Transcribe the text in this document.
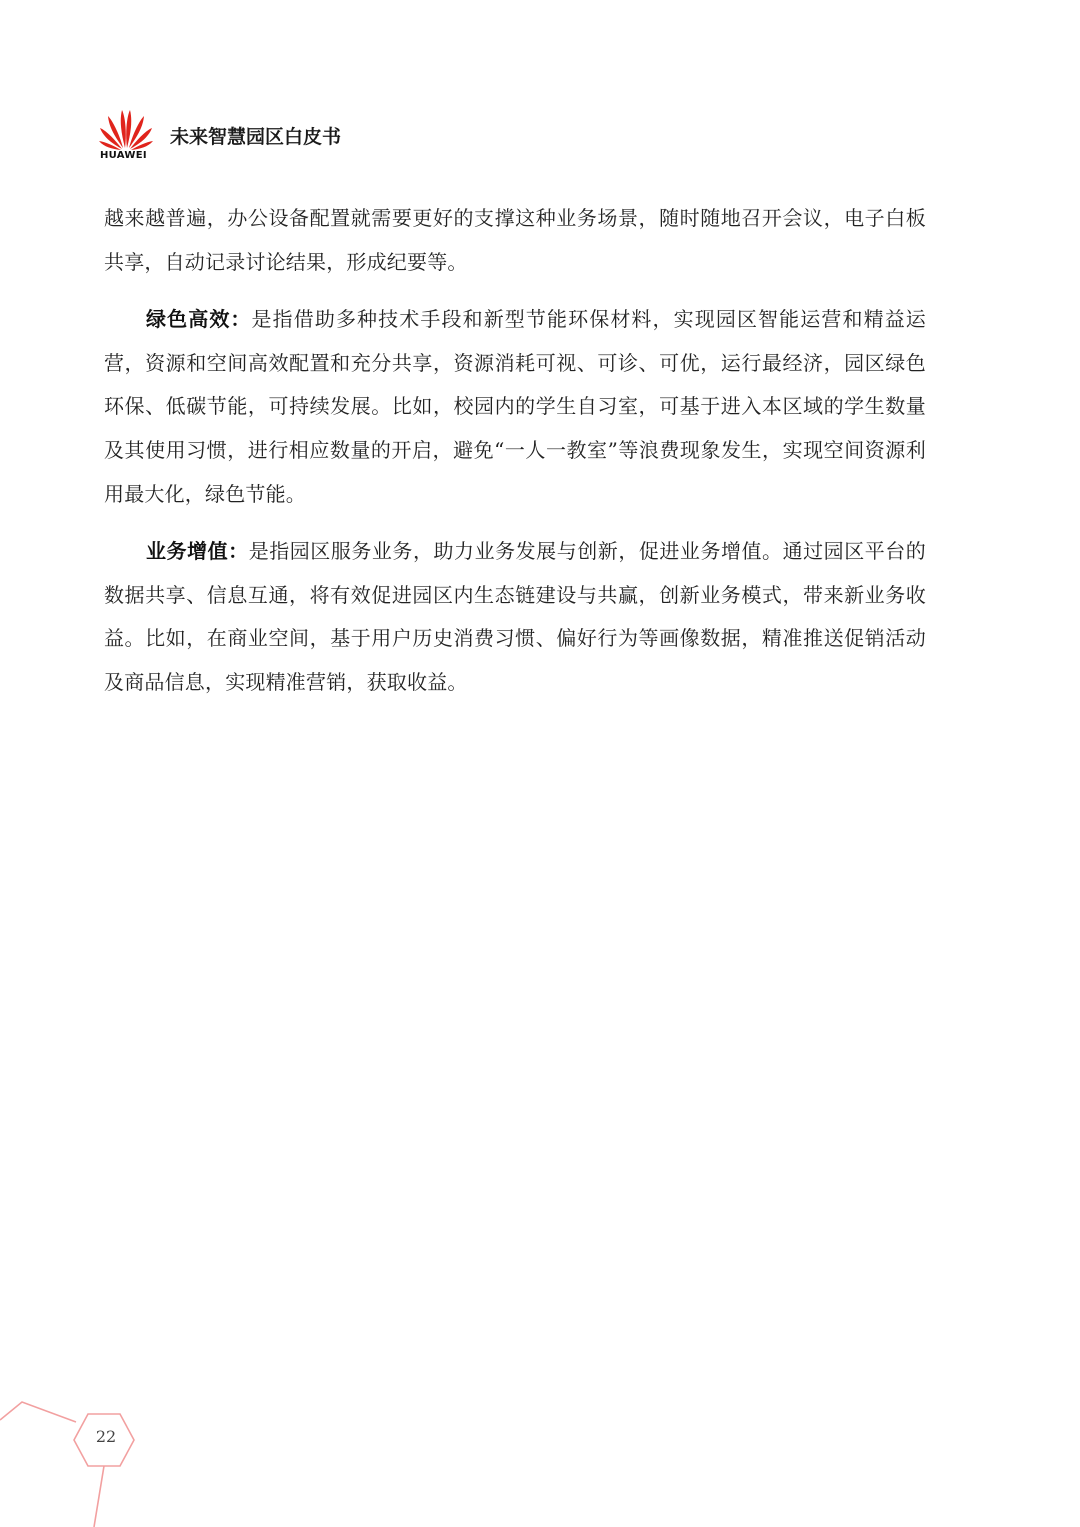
HUAWEI
未来智慧园区白皮书

越来越普遍，办公设备配置就需要更好的支撑这种业务场景，随时随地召开会议，电子白板共享，自动记录讨论结果，形成纪要等。

绿色高效：是指借助多种技术手段和新型节能环保材料，实现园区智能运营和精益运营，资源和空间高效配置和充分共享，资源消耗可视、可诊、可优，运行最经济，园区绿色环保、低碳节能，可持续发展。比如，校园内的学生自习室，可基于进入本区域的学生数量及其使用习惯，进行相应数量的开启，避免“一人一教室”等浪费现象发生，实现空间资源利用最大化，绿色节能。

业务增值：是指园区服务业务，助力业务发展与创新，促进业务增值。通过园区平台的数据共享、信息互通，将有效促进园区内生态链建设与共赢，创新业务模式，带来新业务收益。比如，在商业空间，基于用户历史消费习惯、偏好行为等画像数据，精准推送促销活动及商品信息，实现精准营销，获取收益。

22
